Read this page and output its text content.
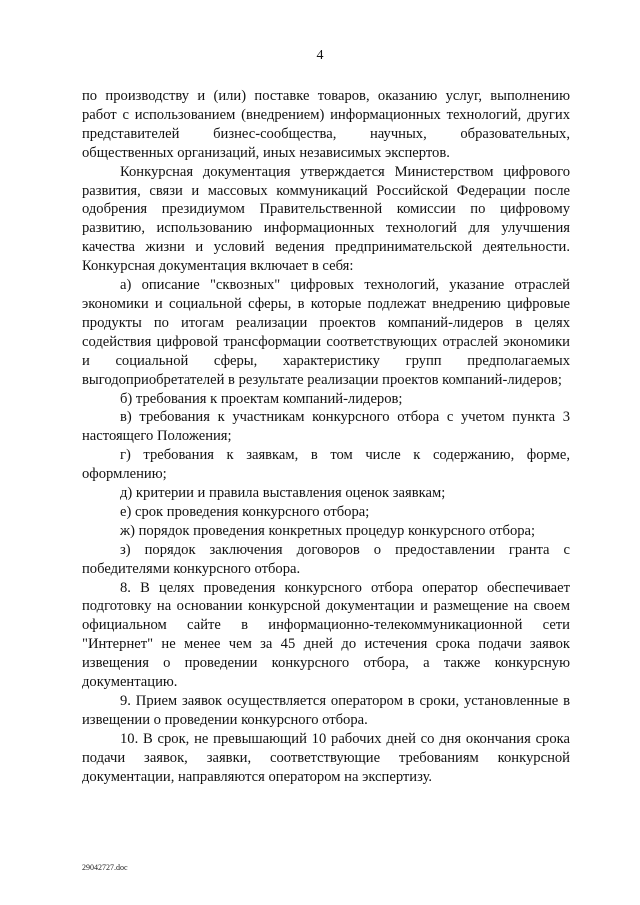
4

по производству и (или) поставке товаров, оказанию услуг, выполнению работ с использованием (внедрением) информационных технологий, других представителей бизнес-сообщества, научных, образовательных, общественных организаций, иных независимых экспертов.

Конкурсная документация утверждается Министерством цифрового развития, связи и массовых коммуникаций Российской Федерации после одобрения президиумом Правительственной комиссии по цифровому развитию, использованию информационных технологий для улучшения качества жизни и условий ведения предпринимательской деятельности. Конкурсная документация включает в себя:

а) описание "сквозных" цифровых технологий, указание отраслей экономики и социальной сферы, в которые подлежат внедрению цифровые продукты по итогам реализации проектов компаний-лидеров в целях содействия цифровой трансформации соответствующих отраслей экономики и социальной сферы, характеристику групп предполагаемых выгодоприобретателей в результате реализации проектов компаний-лидеров;

б) требования к проектам компаний-лидеров;

в) требования к участникам конкурсного отбора с учетом пункта 3 настоящего Положения;

г) требования к заявкам, в том числе к содержанию, форме, оформлению;

д) критерии и правила выставления оценок заявкам;

е) срок проведения конкурсного отбора;

ж) порядок проведения конкретных процедур конкурсного отбора;

з) порядок заключения договоров о предоставлении гранта с победителями конкурсного отбора.

8. В целях проведения конкурсного отбора оператор обеспечивает подготовку на основании конкурсной документации и размещение на своем официальном сайте в информационно-телекоммуникационной сети "Интернет" не менее чем за 45 дней до истечения срока подачи заявок извещения о проведении конкурсного отбора, а также конкурсную документацию.

9. Прием заявок осуществляется оператором в сроки, установленные в извещении о проведении конкурсного отбора.

10. В срок, не превышающий 10 рабочих дней со дня окончания срока подачи заявок, заявки, соответствующие требованиям конкурсной документации, направляются оператором на экспертизу.

29042727.doc
